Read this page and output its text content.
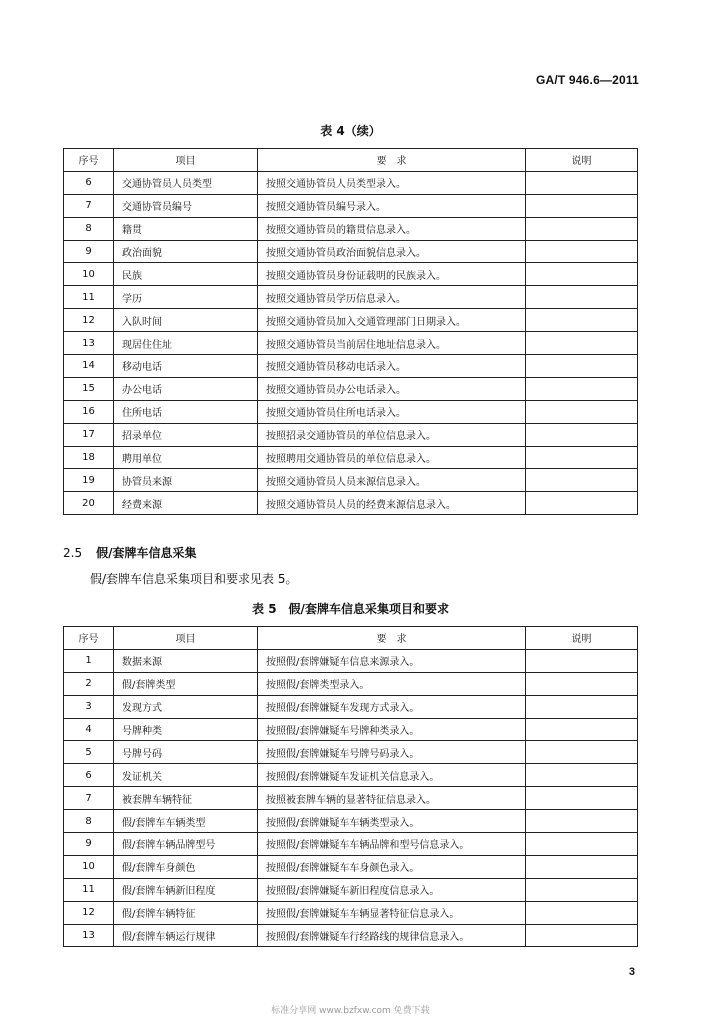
GA/T 946.6—2011
表 4（续）
序号	项目	要　求	说明
6	交通协管员人员类型	按照交通协管员人员类型录入。	
7	交通协管员编号	按照交通协管员编号录入。	
8	籍贯	按照交通协管员的籍贯信息录入。	
9	政治面貌	按照交通协管员政治面貌信息录入。	
10	民族	按照交通协管员身份证载明的民族录入。	
11	学历	按照交通协管员学历信息录入。	
12	入队时间	按照交通协管员加入交通管理部门日期录入。	
13	现居住住址	按照交通协管员当前居住地址信息录入。	
14	移动电话	按照交通协管员移动电话录入。	
15	办公电话	按照交通协管员办公电话录入。	
16	住所电话	按照交通协管员住所电话录入。	
17	招录单位	按照招录交通协管员的单位信息录入。	
18	聘用单位	按照聘用交通协管员的单位信息录入。	
19	协管员来源	按照交通协管员人员来源信息录入。	
20	经费来源	按照交通协管员人员的经费来源信息录入。	
2.5 假/套牌车信息采集
假/套牌车信息采集项目和要求见表 5。
表 5　假/套牌车信息采集项目和要求
序号	项目	要　求	说明
1	数据来源	按照假/套牌嫌疑车信息来源录入。	
2	假/套牌类型	按照假/套牌类型录入。	
3	发现方式	按照假/套牌嫌疑车发现方式录入。	
4	号牌种类	按照假/套牌嫌疑车号牌种类录入。	
5	号牌号码	按照假/套牌嫌疑车号牌号码录入。	
6	发证机关	按照假/套牌嫌疑车发证机关信息录入。	
7	被套牌车辆特征	按照被套牌车辆的显著特征信息录入。	
8	假/套牌车车辆类型	按照假/套牌嫌疑车车辆类型录入。	
9	假/套牌车辆品牌型号	按照假/套牌嫌疑车车辆品牌和型号信息录入。	
10	假/套牌车身颜色	按照假/套牌嫌疑车车身颜色录入。	
11	假/套牌车辆新旧程度	按照假/套牌嫌疑车新旧程度信息录入。	
12	假/套牌车辆特征	按照假/套牌嫌疑车车辆显著特征信息录入。	
13	假/套牌车辆运行规律	按照假/套牌嫌疑车行经路线的规律信息录入。	
3
标准分享网 www.bzfxw.com 免费下载
